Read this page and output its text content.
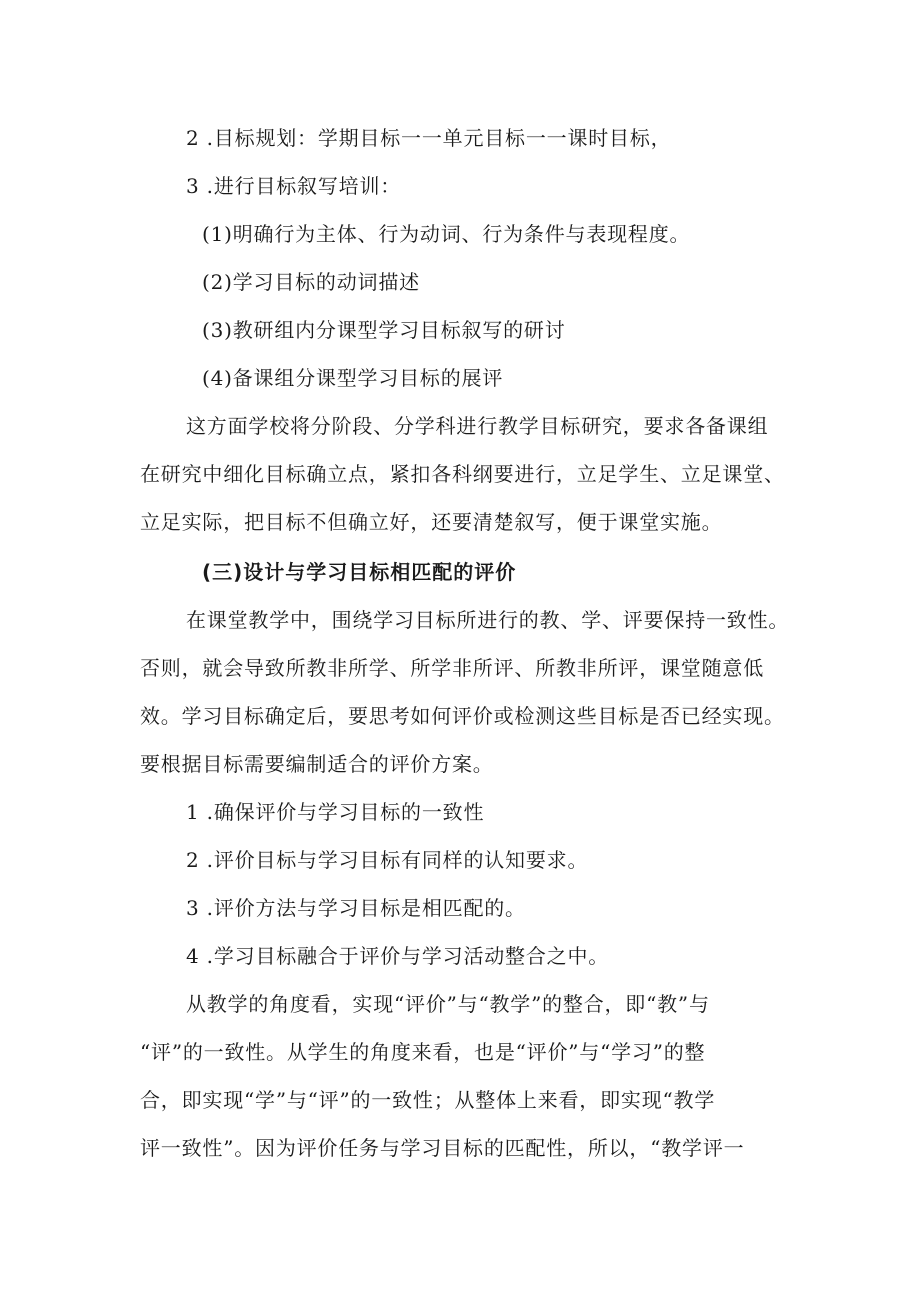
2 .目标规划：学期目标一一单元目标一一课时目标，
3 .进行目标叙写培训：
(1)明确行为主体、行为动词、行为条件与表现程度。
(2)学习目标的动词描述
(3)教研组内分课型学习目标叙写的研讨
(4)备课组分课型学习目标的展评
这方面学校将分阶段、分学科进行教学目标研究，要求各备课组
在研究中细化目标确立点，紧扣各科纲要进行，立足学生、立足课堂、
立足实际，把目标不但确立好，还要清楚叙写，便于课堂实施。
(三)设计与学习目标相匹配的评价
在课堂教学中，围绕学习目标所进行的教、学、评要保持一致性。
否则，就会导致所教非所学、所学非所评、所教非所评，课堂随意低
效。学习目标确定后，要思考如何评价或检测这些目标是否已经实现。
要根据目标需要编制适合的评价方案。
1 .确保评价与学习目标的一致性
2 .评价目标与学习目标有同样的认知要求。
3 .评价方法与学习目标是相匹配的。
4 .学习目标融合于评价与学习活动整合之中。
从教学的角度看，实现“评价”与“教学”的整合，即“教”与
“评”的一致性。从学生的角度来看，也是“评价”与“学习”的整
合，即实现“学”与“评”的一致性；从整体上来看，即实现“教学
评一致性”。因为评价任务与学习目标的匹配性，所以，“教学评一
